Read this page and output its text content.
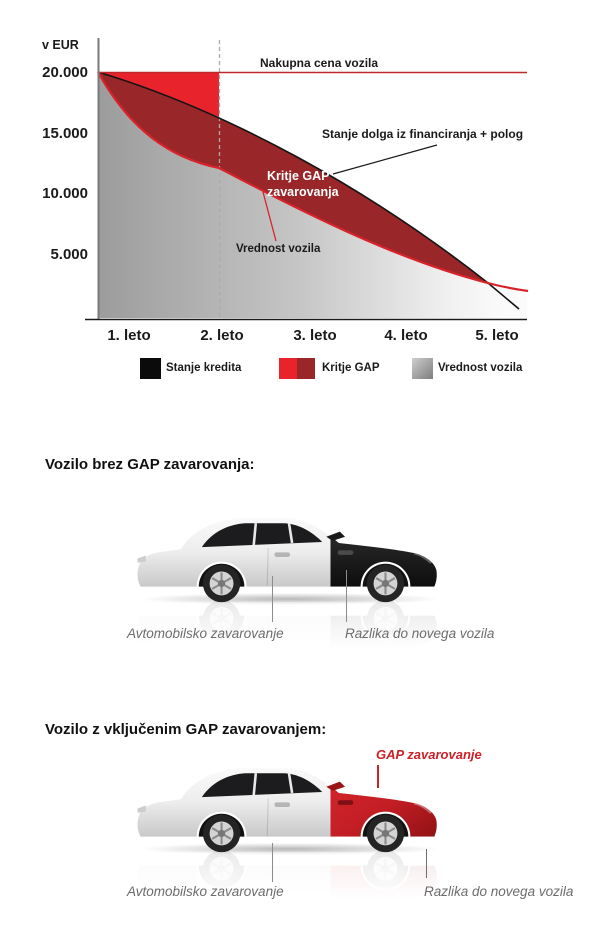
v EUR
20.000
15.000
10.000
5.000
1. leto	2. leto	3. leto	4. leto	5. leto
Nakupna cena vozila
Stanje dolga iz financiranja + polog
Kritje GAP
zavarovanja
Vrednost vozila
Stanje kredita	Kritje GAP	Vrednost vozila
Vozilo brez GAP zavarovanja:
Avtomobilsko zavarovanje	Razlika do novega vozila
Vozilo z vključenim GAP zavarovanjem:
GAP zavarovanje
Avtomobilsko zavarovanje	Razlika do novega vozila
